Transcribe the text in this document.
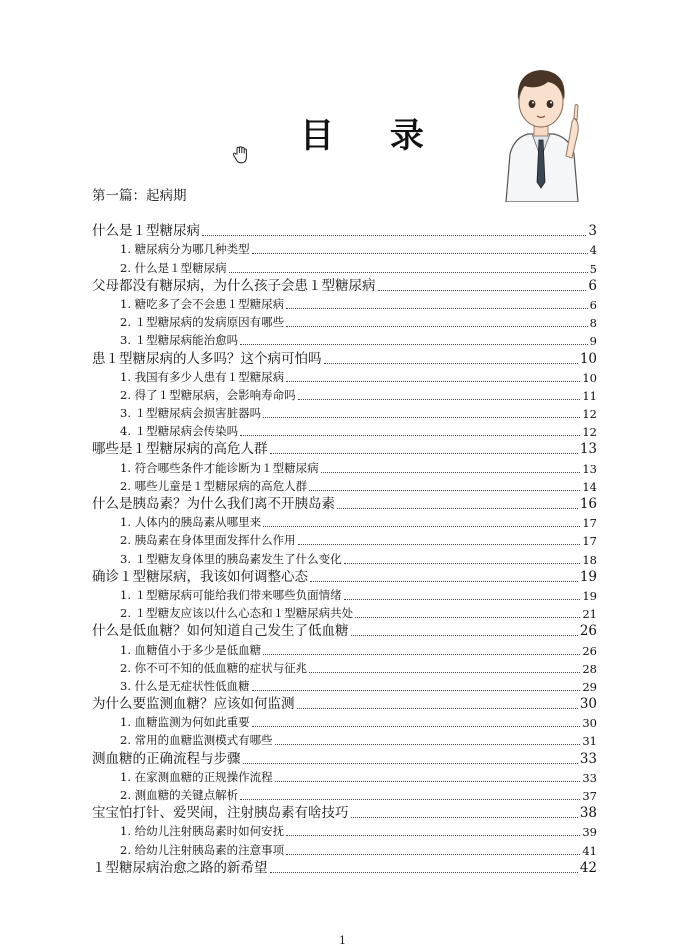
目 录
第一篇：起病期
什么是１型糖尿病	3
1. 糖尿病分为哪几种类型	4
2. 什么是１型糖尿病	5
父母都没有糖尿病，为什么孩子会患１型糖尿病	6
1. 糖吃多了会不会患１型糖尿病	6
2. １型糖尿病的发病原因有哪些	8
3. １型糖尿病能治愈吗	9
患１型糖尿病的人多吗？这个病可怕吗	10
1. 我国有多少人患有１型糖尿病	10
2. 得了１型糖尿病，会影响寿命吗	11
3. １型糖尿病会损害脏器吗	12
4. １型糖尿病会传染吗	12
哪些是１型糖尿病的高危人群	13
1. 符合哪些条件才能诊断为１型糖尿病	13
2. 哪些儿童是１型糖尿病的高危人群	14
什么是胰岛素？为什么我们离不开胰岛素	16
1. 人体内的胰岛素从哪里来	17
2. 胰岛素在身体里面发挥什么作用	17
3. １型糖友身体里的胰岛素发生了什么变化	18
确诊１型糖尿病，我该如何调整心态	19
1. １型糖尿病可能给我们带来哪些负面情绪	19
2. １型糖友应该以什么心态和１型糖尿病共处	21
什么是低血糖？如何知道自己发生了低血糖	26
1. 血糖值小于多少是低血糖	26
2. 你不可不知的低血糖的症状与征兆	28
3. 什么是无症状性低血糖	29
为什么要监测血糖？应该如何监测	30
1. 血糖监测为何如此重要	30
2. 常用的血糖监测模式有哪些	31
测血糖的正确流程与步骤	33
1. 在家测血糖的正规操作流程	33
2. 测血糖的关键点解析	37
宝宝怕打针、爱哭闹，注射胰岛素有啥技巧	38
1. 给幼儿注射胰岛素时如何安抚	39
2. 给幼儿注射胰岛素的注意事项	41
１型糖尿病治愈之路的新希望	42
1
